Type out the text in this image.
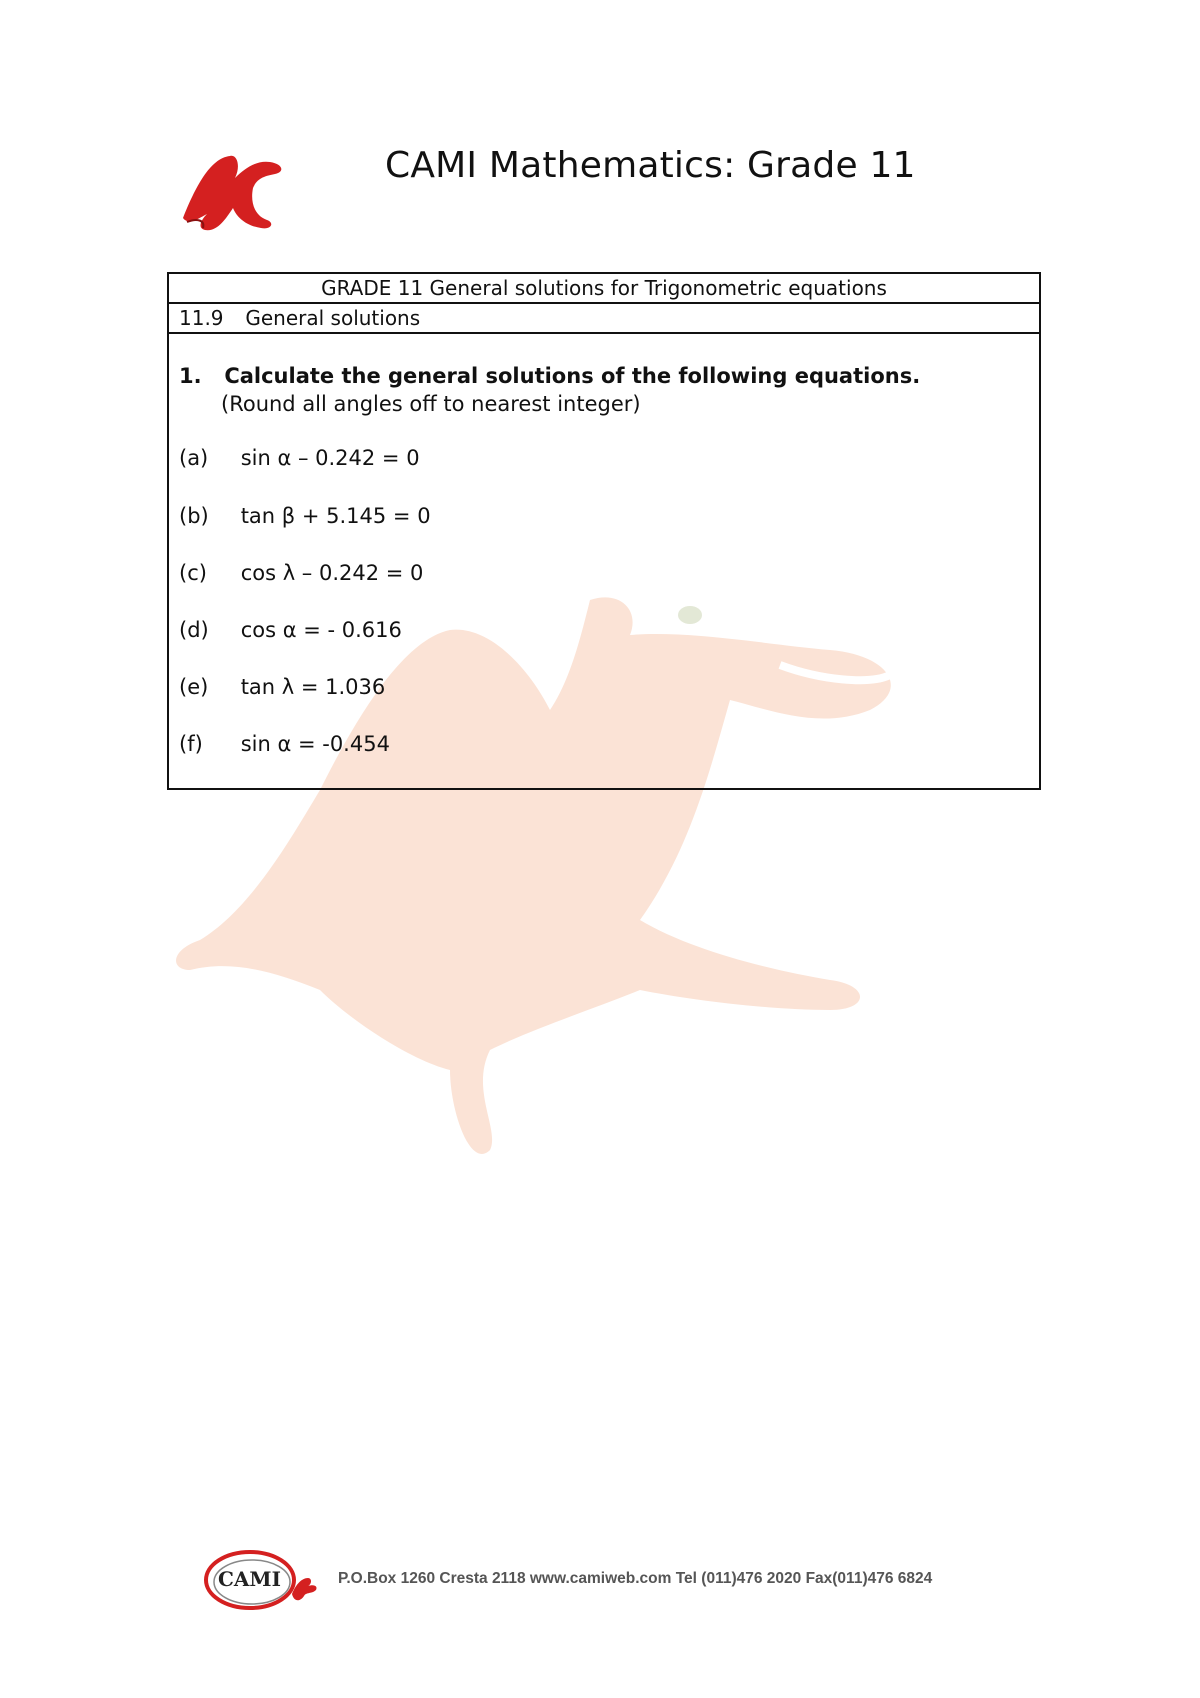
CAMI Mathematics: Grade 11
GRADE 11 General solutions for Trigonometric equations
11.9 General solutions
1. Calculate the general solutions of the following equations.
(Round all angles off to nearest integer)
(a) sin α – 0.242 = 0
(b) tan β + 5.145 = 0
(c) cos λ – 0.242 = 0
(d) cos α = - 0.616
(e) tan λ = 1.036
(f) sin α = -0.454
CAMI	P.O.Box 1260 Cresta 2118 www.camiweb.com Tel (011)476 2020 Fax(011)476 6824
